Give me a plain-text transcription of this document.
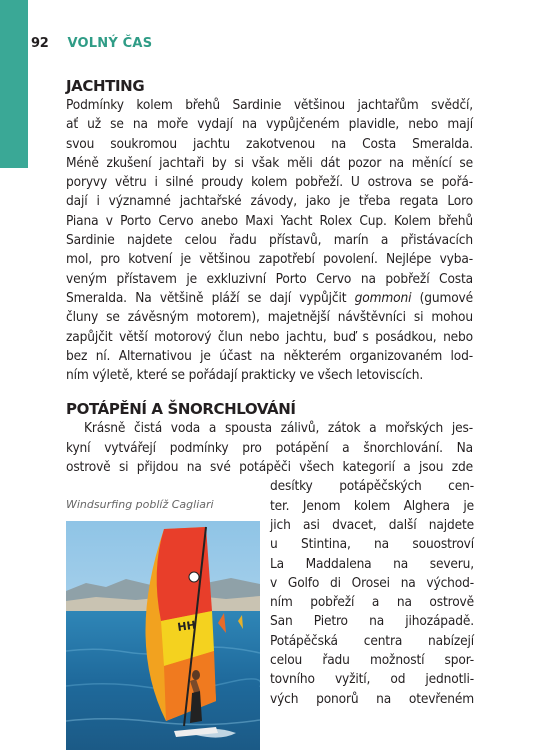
92 VOLNÝ ČAS
JACHTING
Podmínky kolem břehů Sardinie většinou jachtařům svědčí,
ať už se na moře vydají na vypůjčeném plavidle, nebo mají
svou soukromou jachtu zakotvenou na Costa Smeralda.
Méně zkušení jachtaři by si však měli dát pozor na měnící se
poryvy větru i silné proudy kolem pobřeží. U ostrova se pořá-
dají i významné jachtařské závody, jako je třeba regata Loro
Piana v Porto Cervo anebo Maxi Yacht Rolex Cup. Kolem břehů
Sardinie najdete celou řadu přístavů, marín a přistávacích
mol, pro kotvení je většinou zapotřebí povolení. Nejlépe vyba-
veným přístavem je exkluzivní Porto Cervo na pobřeží Costa
Smeralda. Na většině pláží se dají vypůjčit gommoni (gumové
čluny se závěsným motorem), majetnější návštěvníci si mohou
zapůjčit větší motorový člun nebo jachtu, buď s posádkou, nebo
bez ní. Alternativou je účast na některém organizovaném lod-
ním výletě, které se pořádají prakticky ve všech letoviscích.
POTÁPĚNÍ A ŠNORCHLOVÁNÍ
Krásně čistá voda a spousta zálivů, zátok a mořských jes-
kyní vytvářejí podmínky pro potápění a šnorchlování. Na
ostrově si přijdou na své potápěči všech kategorií a jsou zde
desítky potápěčských cen-
ter. Jenom kolem Alghera je
jich asi dvacet, další najdete
u Stintina, na souostroví
La Maddalena na severu,
v Golfo di Orosei na východ-
ním pobřeží a na ostrově
San Pietro na jihozápadě.
Potápěčská centra nabízejí
celou řadu možností spor-
tovního vyžití, od jednotli-
vých ponorů na otevřeném
Windsurfing poblíž Cagliari
HH
